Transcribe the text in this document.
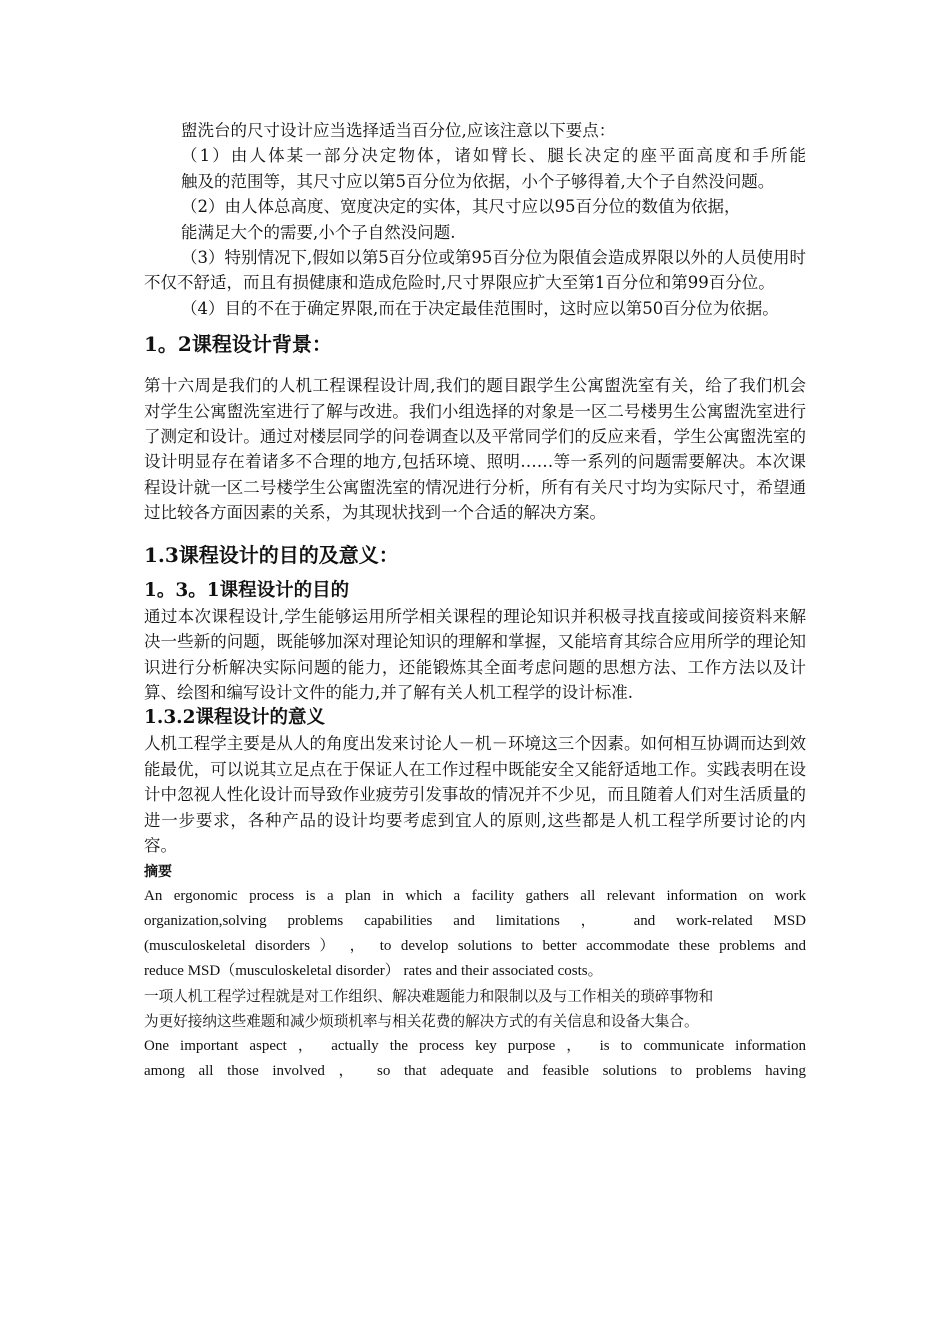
盥洗台的尺寸设计应当选择适当百分位,应该注意以下要点：

（1）由人体某一部分决定物体，诸如臂长、腿长决定的座平面高度和手所能

触及的范围等，其尺寸应以第5百分位为依据，小个子够得着,大个子自然没问题。

（2）由人体总高度、宽度决定的实体，其尺寸应以95百分位的数值为依据，

能满足大个的需要,小个子自然没问题.

（3）特别情况下,假如以第5百分位或第95百分位为限值会造成界限以外的人员使用时不仅不舒适，而且有损健康和造成危险时,尺寸界限应扩大至第1百分位和第99百分位。

（4）目的不在于确定界限,而在于决定最佳范围时，这时应以第50百分位为依据。

1。2课程设计背景：

第十六周是我们的人机工程课程设计周,我们的题目跟学生公寓盥洗室有关，给了我们机会对学生公寓盥洗室进行了解与改进。我们小组选择的对象是一区二号楼男生公寓盥洗室进行了测定和设计。通过对楼层同学的问卷调查以及平常同学们的反应来看，学生公寓盥洗室的设计明显存在着诸多不合理的地方,包括环境、照明……等一系列的问题需要解决。本次课程设计就一区二号楼学生公寓盥洗室的情况进行分析，所有有关尺寸均为实际尺寸，希望通过比较各方面因素的关系，为其现状找到一个合适的解决方案。

1.3课程设计的目的及意义：
1。3。1课程设计的目的

通过本次课程设计,学生能够运用所学相关课程的理论知识并积极寻找直接或间接资料来解决一些新的问题，既能够加深对理论知识的理解和掌握，又能培育其综合应用所学的理论知识进行分析解决实际问题的能力，还能锻炼其全面考虑问题的思想方法、工作方法以及计算、绘图和编写设计文件的能力,并了解有关人机工程学的设计标准.

1.3.2课程设计的意义

人机工程学主要是从人的角度出发来讨论人－机－环境这三个因素。如何相互协调而达到效能最优，可以说其立足点在于保证人在工作过程中既能安全又能舒适地工作。实践表明在设计中忽视人性化设计而导致作业疲劳引发事故的情况并不少见，而且随着人们对生活质量的进一步要求，各种产品的设计均要考虑到宜人的原则,这些都是人机工程学所要讨论的内容。

摘要

An ergonomic process is a plan in which a facility gathers all relevant information on work

organization,solving problems capabilities and limitations ， and work-related MSD

(musculoskeletal disorders ） ， to develop solutions to better accommodate these problems and

reduce MSD（musculoskeletal disorder） rates and their associated costs。

一项人机工程学过程就是对工作组织、解决难题能力和限制以及与工作相关的琐碎事物和

为更好接纳这些难题和减少烦琐机率与相关花费的解决方式的有关信息和设备大集合。

One important aspect ， actually the process key purpose ， is to communicate information

among all those involved ， so that adequate and feasible solutions to problems having
